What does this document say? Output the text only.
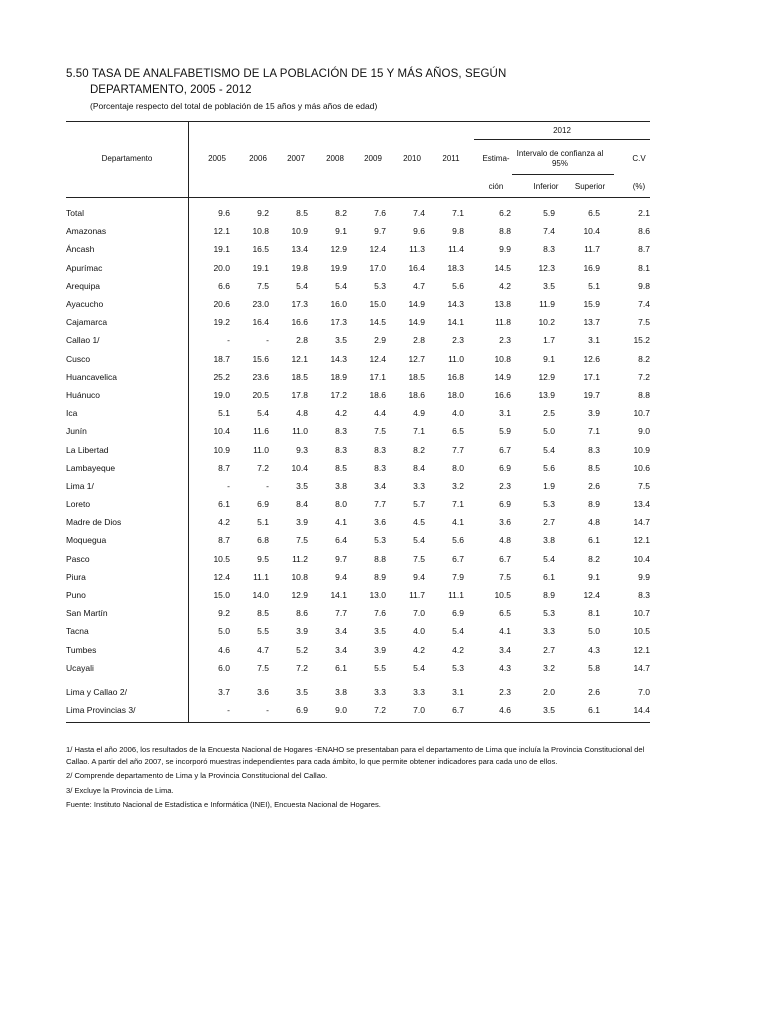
5.50 TASA DE ANALFABETISMO DE LA POBLACIÓN DE 15 Y MÁS AÑOS, SEGÚN
DEPARTAMENTO, 2005 - 2012
(Porcentaje respecto del total de población de 15 años y más años de edad)
Departamento
2012
2005	2006	2007	2008	2009	2010	2011	Estima-
ción
Intervalo de confianza al 95%
Inferior	Superior
C.V
(%)
Total	9.6	9.2	8.5	8.2	7.6	7.4	7.1	6.2	5.9	6.5	2.1
Amazonas	12.1	10.8	10.9	9.1	9.7	9.6	9.8	8.8	7.4	10.4	8.6
Áncash	19.1	16.5	13.4	12.9	12.4	11.3	11.4	9.9	8.3	11.7	8.7
Apurímac	20.0	19.1	19.8	19.9	17.0	16.4	18.3	14.5	12.3	16.9	8.1
Arequipa	6.6	7.5	5.4	5.4	5.3	4.7	5.6	4.2	3.5	5.1	9.8
Ayacucho	20.6	23.0	17.3	16.0	15.0	14.9	14.3	13.8	11.9	15.9	7.4
Cajamarca	19.2	16.4	16.6	17.3	14.5	14.9	14.1	11.8	10.2	13.7	7.5
Callao 1/	-	-	2.8	3.5	2.9	2.8	2.3	2.3	1.7	3.1	15.2
Cusco	18.7	15.6	12.1	14.3	12.4	12.7	11.0	10.8	9.1	12.6	8.2
Huancavelica	25.2	23.6	18.5	18.9	17.1	18.5	16.8	14.9	12.9	17.1	7.2
Huánuco	19.0	20.5	17.8	17.2	18.6	18.6	18.0	16.6	13.9	19.7	8.8
Ica	5.1	5.4	4.8	4.2	4.4	4.9	4.0	3.1	2.5	3.9	10.7
Junín	10.4	11.6	11.0	8.3	7.5	7.1	6.5	5.9	5.0	7.1	9.0
La Libertad	10.9	11.0	9.3	8.3	8.3	8.2	7.7	6.7	5.4	8.3	10.9
Lambayeque	8.7	7.2	10.4	8.5	8.3	8.4	8.0	6.9	5.6	8.5	10.6
Lima 1/	-	-	3.5	3.8	3.4	3.3	3.2	2.3	1.9	2.6	7.5
Loreto	6.1	6.9	8.4	8.0	7.7	5.7	7.1	6.9	5.3	8.9	13.4
Madre de Dios	4.2	5.1	3.9	4.1	3.6	4.5	4.1	3.6	2.7	4.8	14.7
Moquegua	8.7	6.8	7.5	6.4	5.3	5.4	5.6	4.8	3.8	6.1	12.1
Pasco	10.5	9.5	11.2	9.7	8.8	7.5	6.7	6.7	5.4	8.2	10.4
Piura	12.4	11.1	10.8	9.4	8.9	9.4	7.9	7.5	6.1	9.1	9.9
Puno	15.0	14.0	12.9	14.1	13.0	11.7	11.1	10.5	8.9	12.4	8.3
San Martín	9.2	8.5	8.6	7.7	7.6	7.0	6.9	6.5	5.3	8.1	10.7
Tacna	5.0	5.5	3.9	3.4	3.5	4.0	5.4	4.1	3.3	5.0	10.5
Tumbes	4.6	4.7	5.2	3.4	3.9	4.2	4.2	3.4	2.7	4.3	12.1
Ucayali	6.0	7.5	7.2	6.1	5.5	5.4	5.3	4.3	3.2	5.8	14.7

Lima y Callao 2/	3.7	3.6	3.5	3.8	3.3	3.3	3.1	2.3	2.0	2.6	7.0
Lima Provincias 3/	-	-	6.9	9.0	7.2	7.0	6.7	4.6	3.5	6.1	14.4

1/ Hasta el año 2006, los resultados de la Encuesta Nacional de Hogares -ENAHO se presentaban para el departamento de Lima que incluía la Provincia Constitucional del Callao. A partir del año 2007, se incorporó muestras independientes para cada ámbito, lo que permite obtener indicadores para cada uno de ellos.

2/ Comprende departamento de Lima y la Provincia Constitucional del Callao.

3/ Excluye la Provincia de Lima.

Fuente: Instituto Nacional de Estadística e Informática (INEI), Encuesta Nacional de Hogares.
